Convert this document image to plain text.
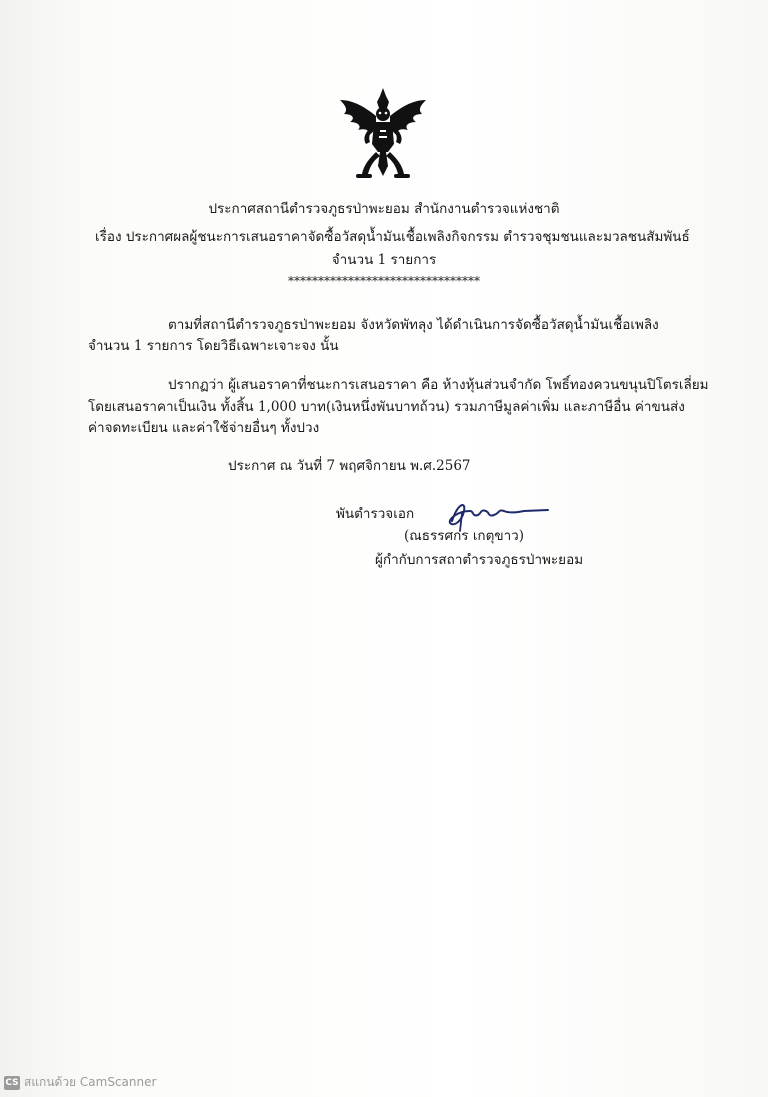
ประกาศสถานีตำรวจภูธรป่าพะยอม สำนักงานตำรวจแห่งชาติ
เรื่อง ประกาศผลผู้ชนะการเสนอราคาจัดซื้อวัสดุน้ำมันเชื้อเพลิงกิจกรรม ตำรวจชุมชนและมวลชนสัมพันธ์
จำนวน 1 รายการ
********************************
ตามที่สถานีตำรวจภูธรป่าพะยอม จังหวัดพัทลุง ได้ดำเนินการจัดซื้อวัสดุน้ำมันเชื้อเพลิง
จำนวน 1 รายการ โดยวิธีเฉพาะเจาะจง นั้น
ปรากฏว่า ผู้เสนอราคาที่ชนะการเสนอราคา คือ ห้างหุ้นส่วนจำกัด โพธิ์ทองควนขนุนปิโตรเลี่ยม
โดยเสนอราคาเป็นเงิน ทั้งสิ้น 1,000 บาท(เงินหนึ่งพันบาทถ้วน) รวมภาษีมูลค่าเพิ่ม และภาษีอื่น ค่าขนส่ง
ค่าจดทะเบียน และค่าใช้จ่ายอื่นๆ ทั้งปวง
ประกาศ ณ วันที่ 7 พฤศจิกายน พ.ศ.2567
พันตำรวจเอก
(ณธรรศกร เกตุขาว)
ผู้กำกับการสถาตำรวจภูธรป่าพะยอม
CS สแกนด้วย CamScanner
